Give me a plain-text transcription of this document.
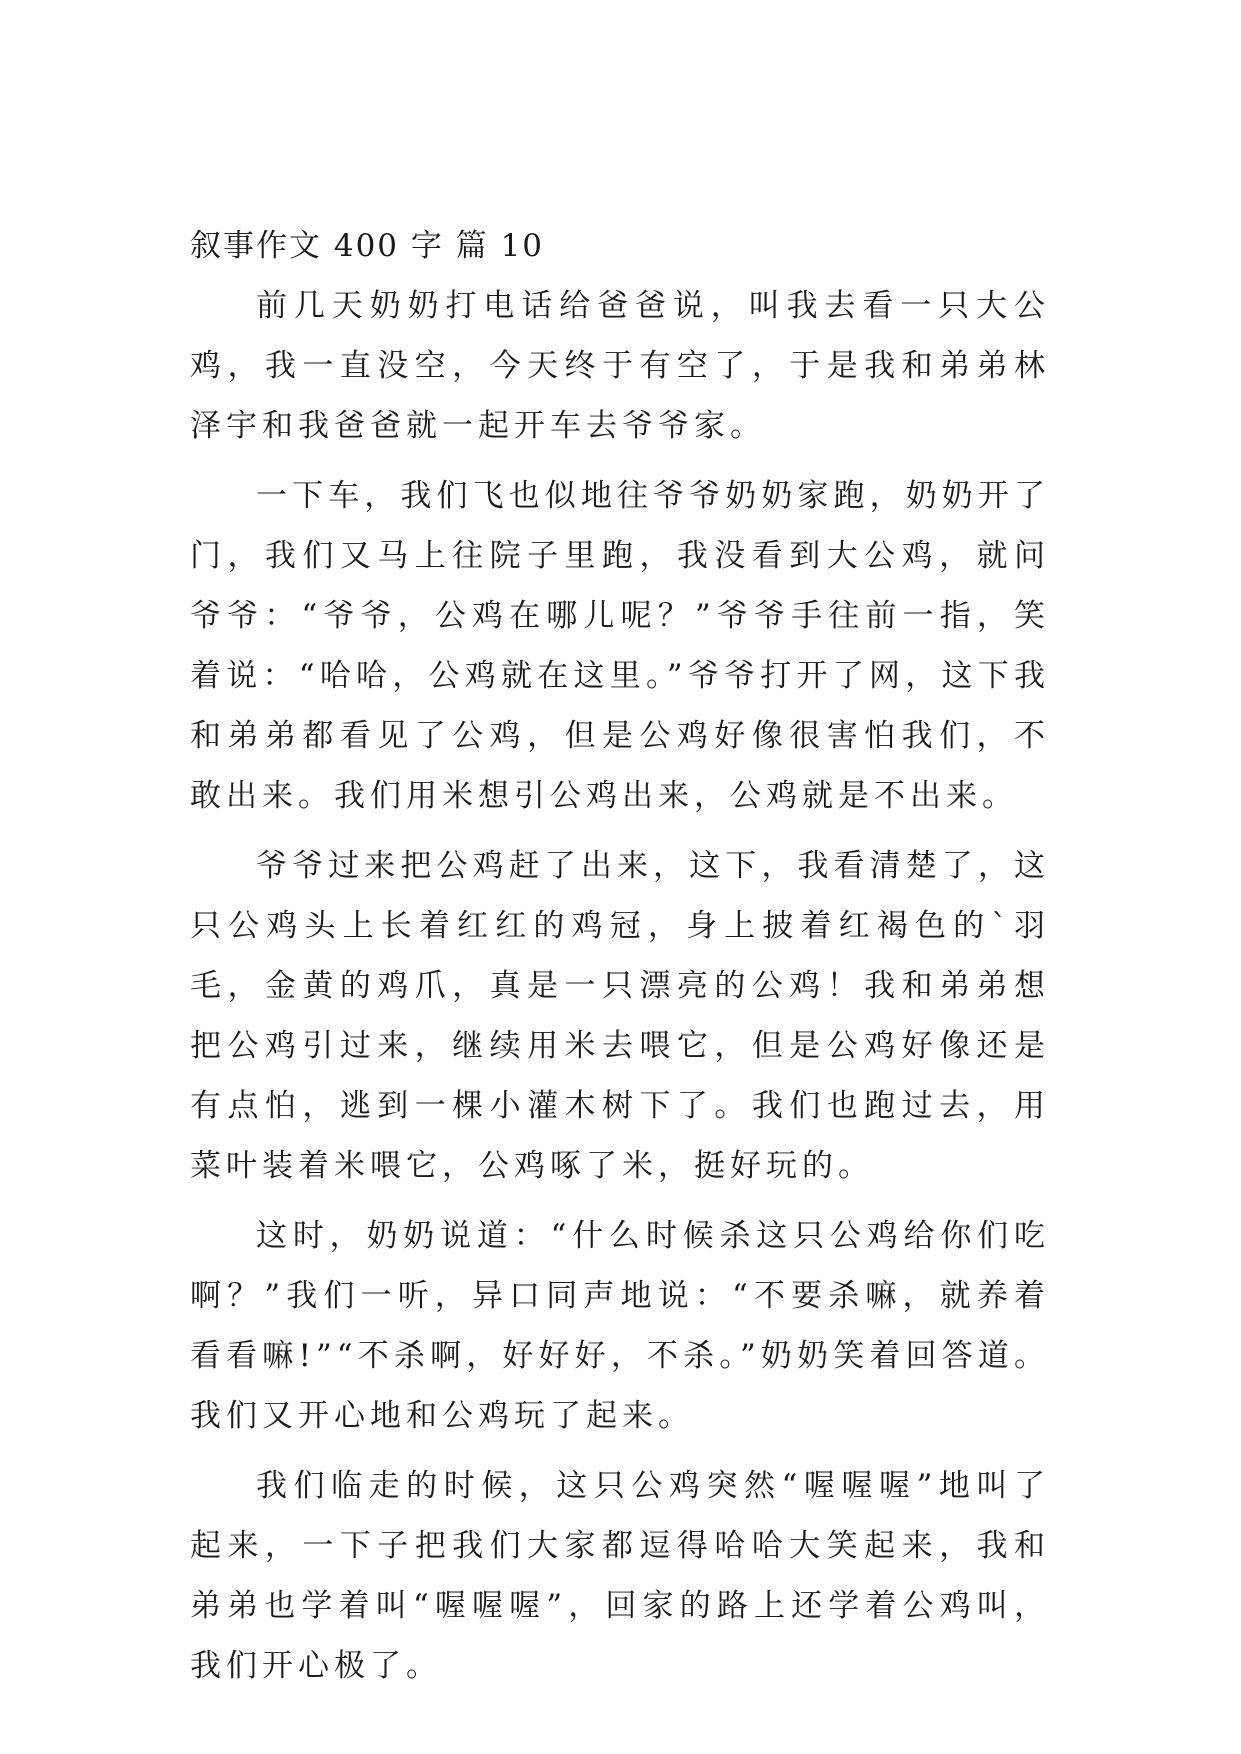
叙事作文 400 字 篇 10

前几天奶奶打电话给爸爸说，叫我去看一只大公鸡，我一直没空，今天终于有空了，于是我和弟弟林泽宇和我爸爸就一起开车去爷爷家。

一下车，我们飞也似地往爷爷奶奶家跑，奶奶开了门，我们又马上往院子里跑，我没看到大公鸡，就问爷爷：“爷爷，公鸡在哪儿呢？”爷爷手往前一指，笑着说：“哈哈，公鸡就在这里。”爷爷打开了网，这下我和弟弟都看见了公鸡，但是公鸡好像很害怕我们，不敢出来。我们用米想引公鸡出来，公鸡就是不出来。

爷爷过来把公鸡赶了出来，这下，我看清楚了，这只公鸡头上长着红红的鸡冠，身上披着红褐色的`羽毛，金黄的鸡爪，真是一只漂亮的公鸡！我和弟弟想把公鸡引过来，继续用米去喂它，但是公鸡好像还是有点怕，逃到一棵小灌木树下了。我们也跑过去，用菜叶装着米喂它，公鸡啄了米，挺好玩的。

这时，奶奶说道：“什么时候杀这只公鸡给你们吃啊？”我们一听，异口同声地说：“不要杀嘛，就养着看看嘛!”“不杀啊，好好好，不杀。”奶奶笑着回答道。我们又开心地和公鸡玩了起来。

我们临走的时候，这只公鸡突然“喔喔喔”地叫了起来，一下子把我们大家都逗得哈哈大笑起来，我和弟弟也学着叫“喔喔喔”，回家的路上还学着公鸡叫，我们开心极了。
